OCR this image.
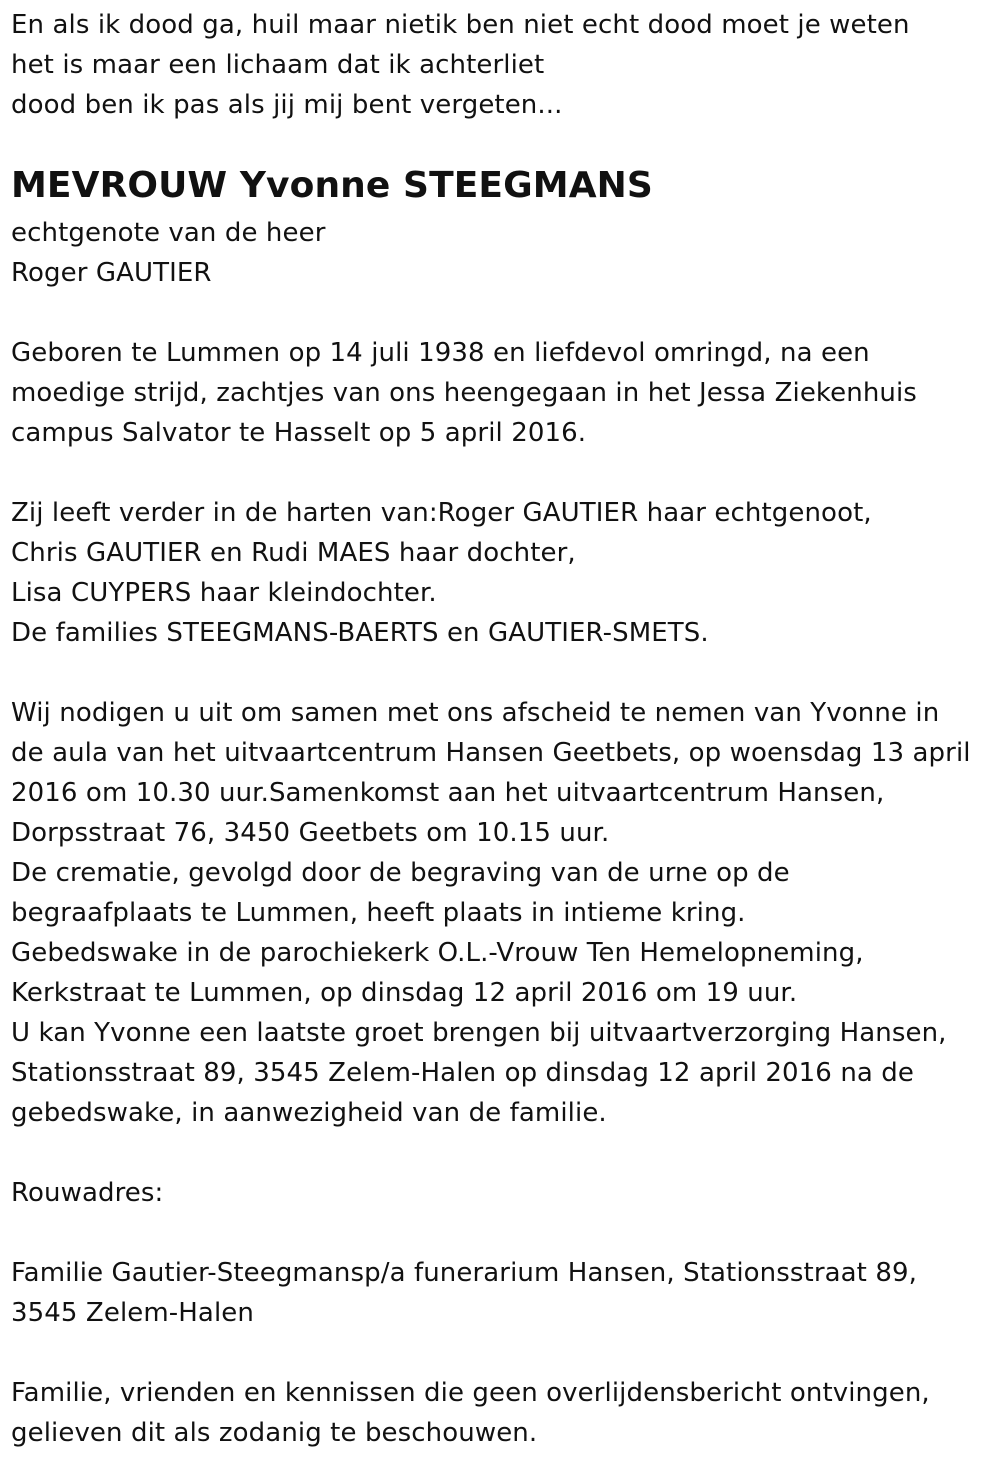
En als ik dood ga, huil maar nietik ben niet echt dood moet je weten
het is maar een lichaam dat ik achterliet
dood ben ik pas als jij mij bent vergeten...
MEVROUW Yvonne STEEGMANS
echtgenote van de heer
Roger GAUTIER
Geboren te Lummen op 14 juli 1938 en liefdevol omringd, na een
moedige strijd, zachtjes van ons heengegaan in het Jessa Ziekenhuis
campus Salvator te Hasselt op 5 april 2016.
Zij leeft verder in de harten van:Roger GAUTIER haar echtgenoot,
Chris GAUTIER en Rudi MAES haar dochter,
Lisa CUYPERS haar kleindochter.
De families STEEGMANS-BAERTS en GAUTIER-SMETS.
Wij nodigen u uit om samen met ons afscheid te nemen van Yvonne in
de aula van het uitvaartcentrum Hansen Geetbets, op woensdag 13 april
2016 om 10.30 uur.Samenkomst aan het uitvaartcentrum Hansen,
Dorpsstraat 76, 3450 Geetbets om 10.15 uur.
De crematie, gevolgd door de begraving van de urne op de
begraafplaats te Lummen, heeft plaats in intieme kring.
Gebedswake in de parochiekerk O.L.-Vrouw Ten Hemelopneming,
Kerkstraat te Lummen, op dinsdag 12 april 2016 om 19 uur.
U kan Yvonne een laatste groet brengen bij uitvaartverzorging Hansen,
Stationsstraat 89, 3545 Zelem-Halen op dinsdag 12 april 2016 na de
gebedswake, in aanwezigheid van de familie.
Rouwadres:
Familie Gautier-Steegmansp/a funerarium Hansen, Stationsstraat 89,
3545 Zelem-Halen
Familie, vrienden en kennissen die geen overlijdensbericht ontvingen,
gelieven dit als zodanig te beschouwen.
